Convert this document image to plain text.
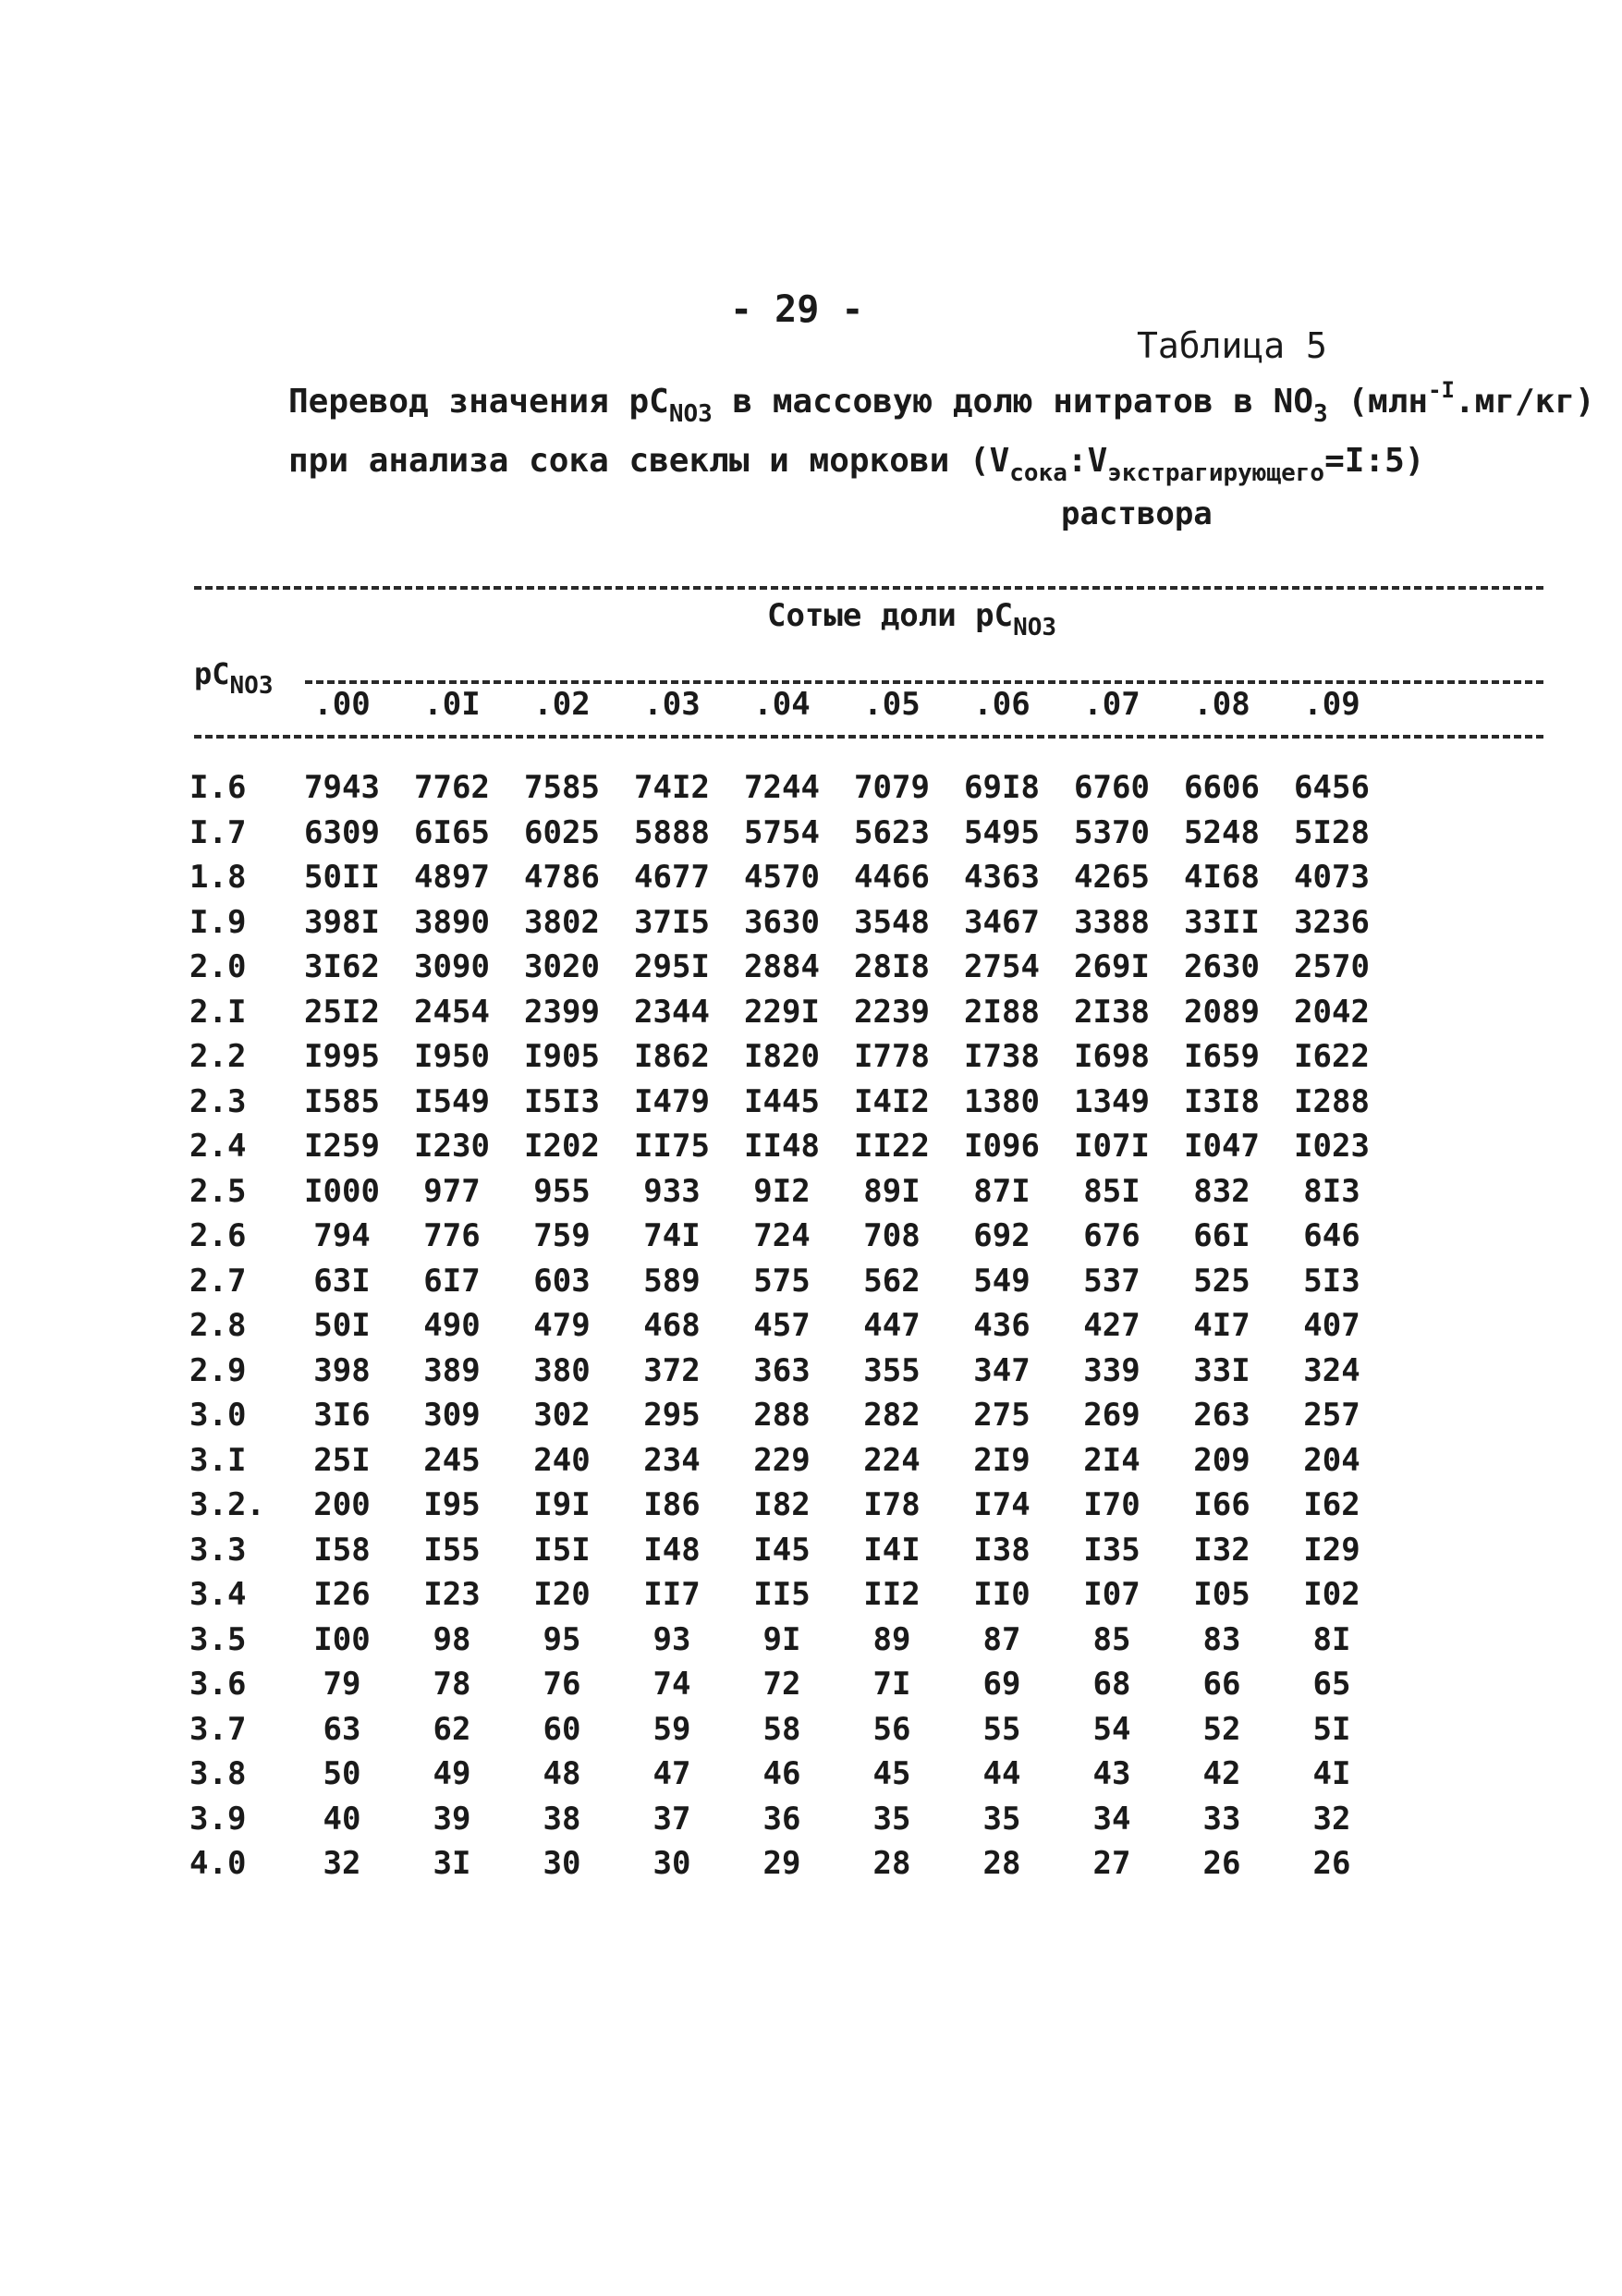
- 29 -
Таблица 5
Перевод значения $pC_{NO3}$ в массовую долю нитратов в $NO_3$ (млн$^{-I}$.мг/кг)
при анализа сока свеклы и моркови $(V_{сока}:V_{экстрагирующего}=I:5)$
раствора
Сотые доли $pC_{NO3}$
$pC_{NO3}$	.00	.0I	.02	.03	.04	.05	.06	.07	.08	.09
I.6	7943 7762 7585 74I2 7244 7079 69I8 6760 6606 6456
I.7	6309 6I65 6025 5888 5754 5623 5495 5370 5248 5I28
1.8	50II 4897 4786 4677 4570 4466 4363 4265 4I68 4073
I.9	398I 3890 3802 37I5 3630 3548 3467 3388 33II 3236
2.0	3I62 3090 3020 295I 2884 28I8 2754 269I 2630 2570
2.I	25I2 2454 2399 2344 229I 2239 2I88 2I38 2089 2042
2.2	I995 I950 I905 I862 I820 I778 I738 I698 I659 I622
2.3	I585 I549 I5I3 I479 I445 I4I2 1380 1349 I3I8 I288
2.4	I259 I230 I202 II75 II48 II22 I096 I07I I047 I023
2.5	I000	977	955	933	9I2	89I	87I	85I	832	8I3
2.6	794	776	759	74I	724	708	692	676	66I	646
2.7	63I	6I7	603	589	575	562	549	537	525	5I3
2.8	50I	490	479	468	457	447	436	427	4I7	407
2.9	398	389	380	372	363	355	347	339	33I	324
3.0	3I6	309	302	295	288	282	275	269	263	257
3.I	25I	245	240	234	229	224	2I9	2I4	209	204
3.2.	200	I95	I9I	I86	I82	I78	I74	I70	I66	I62
3.3	I58	I55	I5I	I48	I45	I4I	I38	I35	I32	I29
3.4	I26	I23	I20	II7	II5	II2	II0	I07	I05	I02
3.5	I00	98	95	93	9I	89	87	85	83	8I
3.6	79	78	76	74	72	7I	69	68	66	65
3.7	63	62	60	59	58	56	55	54	52	5I
3.8	50	49	48	47	46	45	44	43	42	4I
3.9	40	39	38	37	36	35	35	34	33	32
4.0	32	3I	30	30	29	28	28	27	26	26
